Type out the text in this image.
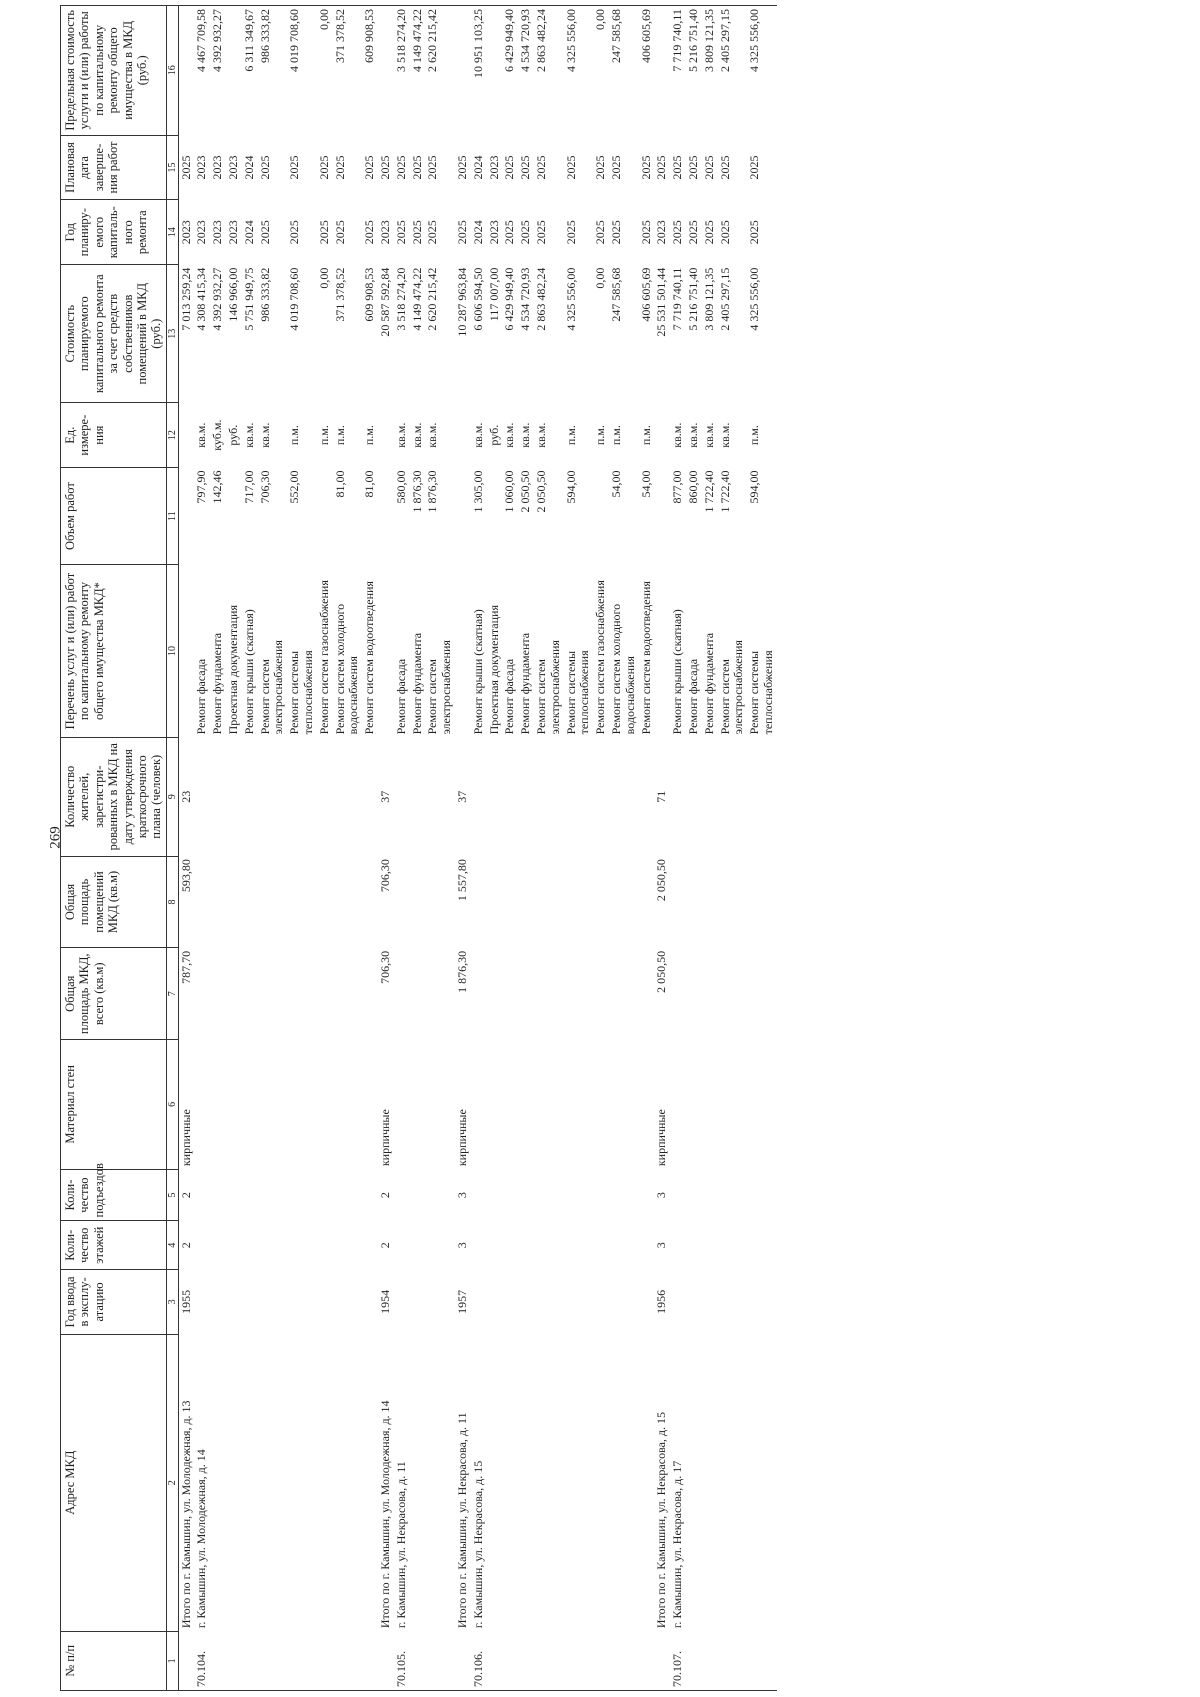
269
№ п/п	Адрес МКД	Год ввода в эксплу-атацию	Коли-чество этажей	Коли-чество подъездов	Материал стен	Общая площадь МКД, всего (кв.м)	Общая площадь помещений МКД (кв.м)	Количество жителей, зарегистри-рованных в МКД на дату утверждения краткосрочного плана (человек)	Перечень услуг и (или) работ по капитальному ремонту общего имущества МКД*	Объем работ	Ед. измере-ния	Стоимость планируемого капитального ремонта за счет средств собственников помещений в МКД (руб.)	Год планиру-емого капиталь-ного ремонта	Плановая дата заверше-ния работ	Предельная стоимость услуги и (или) работы по капитальному ремонту общего имущества в МКД (руб.)
1	2	3	4	5	6	7	8	9	10	11	12	13	14	15	16
	Итого по г. Камышин, ул. Молодежная, д. 13	1955	2	2	кирпичные	787,70	593,80	23				7 013 259,24	2023	2025	
70.104.	г. Камышин, ул. Молодежная, д. 14								Ремонт фасада	797,90	кв.м.	4 308 415,34	2023	2023	4 467 709,58
									Ремонт фундамента	142,46	куб.м.	4 392 932,27	2023	2023	4 392 932,27
									Проектная документация		руб.	146 966,00	2023	2023	
									Ремонт крыши (скатная)	717,00	кв.м.	5 751 949,75	2024	2024	6 311 349,67
									Ремонт систем электроснабжения	706,30	кв.м.	986 333,82	2025	2025	986 333,82
									Ремонт системы теплоснабжения	552,00	п.м.	4 019 708,60	2025	2025	4 019 708,60
									Ремонт систем газоснабжения		п.м.	0,00	2025	2025	0,00
									Ремонт систем холодного водоснабжения	81,00	п.м.	371 378,52	2025	2025	371 378,52
									Ремонт систем водоотведения	81,00	п.м.	609 908,53	2025	2025	609 908,53
	Итого по г. Камышин, ул. Молодежная, д. 14	1954	2	2	кирпичные	706,30	706,30	37				20 587 592,84	2023	2025	
70.105.	г. Камышин, ул. Некрасова, д. 11								Ремонт фасада	580,00	кв.м.	3 518 274,20	2025	2025	3 518 274,20
									Ремонт фундамента	1 876,30	кв.м.	4 149 474,22	2025	2025	4 149 474,22
									Ремонт систем электроснабжения	1 876,30	кв.м.	2 620 215,42	2025	2025	2 620 215,42
	Итого по г. Камышин, ул. Некрасова, д. 11	1957	3	3	кирпичные	1 876,30	1 557,80	37				10 287 963,84	2025	2025	
70.106.	г. Камышин, ул. Некрасова, д. 15								Ремонт крыши (скатная)	1 305,00	кв.м.	6 606 594,50	2024	2024	10 951 103,25
									Проектная документация		руб.	117 007,00	2023	2023	
									Ремонт фасада	1 060,00	кв.м.	6 429 949,40	2025	2025	6 429 949,40
									Ремонт фундамента	2 050,50	кв.м.	4 534 720,93	2025	2025	4 534 720,93
									Ремонт систем электроснабжения	2 050,50	кв.м.	2 863 482,24	2025	2025	2 863 482,24
									Ремонт системы теплоснабжения	594,00	п.м.	4 325 556,00	2025	2025	4 325 556,00
									Ремонт систем газоснабжения		п.м.	0,00	2025	2025	0,00
									Ремонт систем холодного водоснабжения	54,00	п.м.	247 585,68	2025	2025	247 585,68
									Ремонт систем водоотведения	54,00	п.м.	406 605,69	2025	2025	406 605,69
	Итого по г. Камышин, ул. Некрасова, д. 15	1956	3	3	кирпичные	2 050,50	2 050,50	71				25 531 501,44	2023	2025	
70.107.	г. Камышин, ул. Некрасова, д. 17								Ремонт крыши (скатная)	877,00	кв.м.	7 719 740,11	2025	2025	7 719 740,11
									Ремонт фасада	860,00	кв.м.	5 216 751,40	2025	2025	5 216 751,40
									Ремонт фундамента	1 722,40	кв.м.	3 809 121,35	2025	2025	3 809 121,35
									Ремонт систем электроснабжения	1 722,40	кв.м.	2 405 297,15	2025	2025	2 405 297,15
									Ремонт системы теплоснабжения	594,00	п.м.	4 325 556,00	2025	2025	4 325 556,00
